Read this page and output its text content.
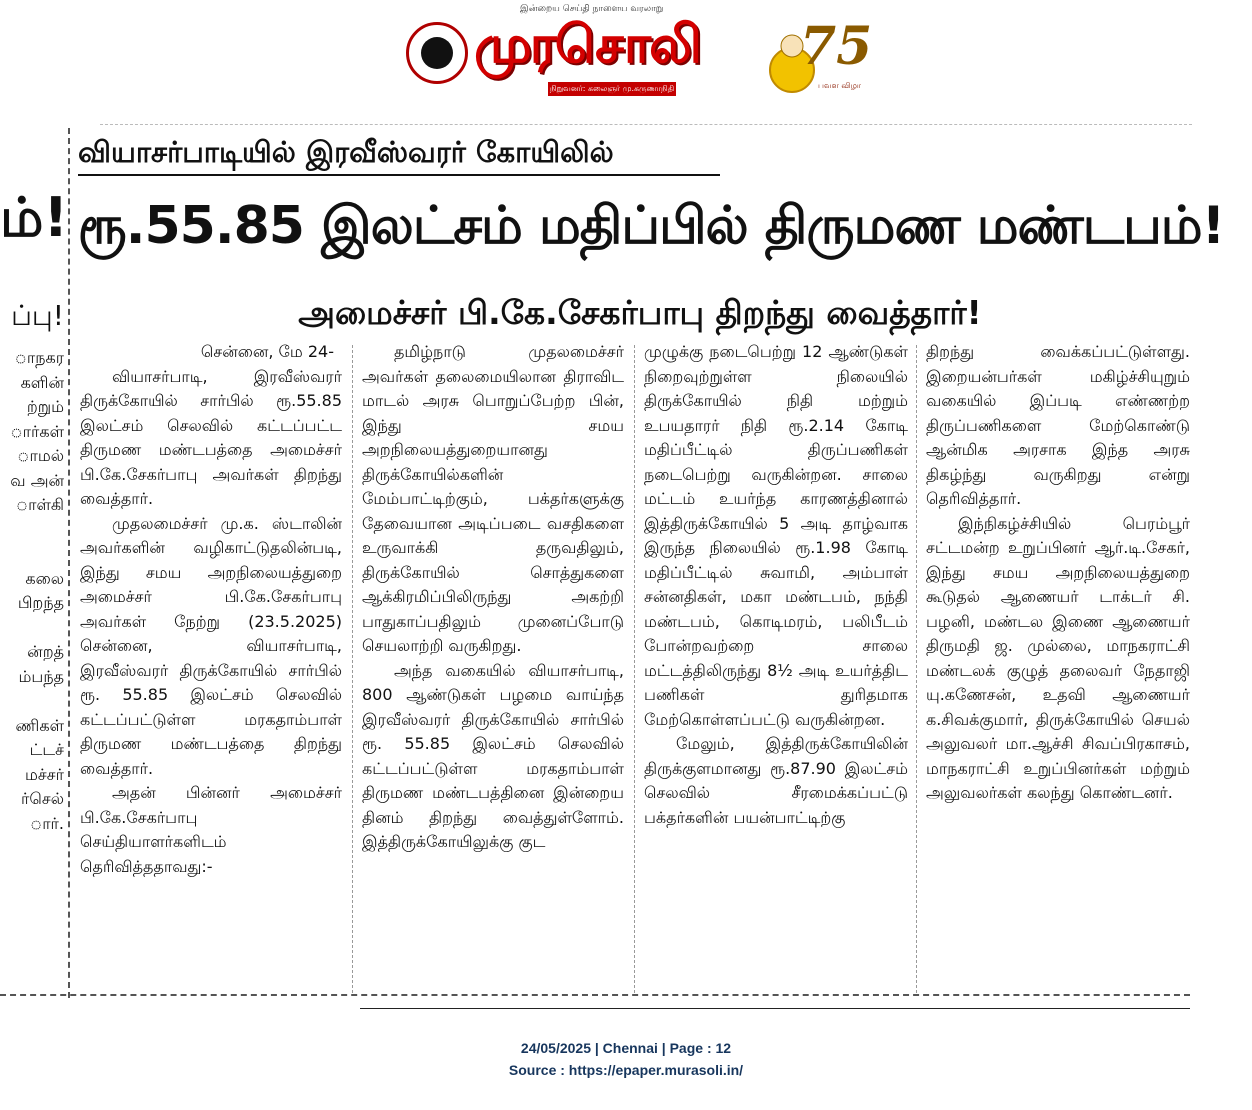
இன்றைய செய்தி நாளைய வரலாறு
முரசொலி
நிறுவனர்: கலைஞர் மு.கருணாநிதி
75
பவள விழா
ம்!
ப்பு!
ாநகர
களின்
ற்றும்
ார்கள்
ாமல்
வ அன்
ாள்கி
கலை
பிறந்த
ன்றத்
ம்பந்த
ணிகள்
ட்டச்
மச்சர்
ர்செல்
ார்.
வியாசர்பாடியில் இரவீஸ்வரர் கோயிலில்
ரூ.55.85 இலட்சம் மதிப்பில் திருமண மண்டபம்!
அமைச்சர் பி.கே.சேகர்பாபு திறந்து வைத்தார்!

சென்னை, மே 24-

வியாசர்பாடி, இரவீஸ்வரர் திருக்கோயில் சார்பில் ரூ.55.85 இலட்சம் செலவில் கட்டப்பட்ட திருமண மண்டபத்தை அமைச்சர் பி.கே.சேகர்பாபு அவர்கள் திறந்து வைத்தார்.

முதலமைச்சர் மு.க. ஸ்டாலின் அவர்களின் வழிகாட்டுதலின்படி, இந்து சமய அறநிலையத்துறை அமைச்சர் பி.கே.சேகர்பாபு அவர்கள் நேற்று (23.5.2025) சென்னை, வியாசர்பாடி, இரவீஸ்வரர் திருக்கோயில் சார்பில் ரூ. 55.85 இலட்சம் செலவில் கட்டப்பட்டுள்ள மரகதாம்பாள் திருமண மண்டபத்தை திறந்து வைத்தார்.

அதன் பின்னர் அமைச்சர் பி.கே.சேகர்பாபு செய்தியாளர்களிடம் தெரிவித்ததாவது:-

தமிழ்நாடு முதலமைச்சர் அவர்கள் தலைமையிலான திராவிட மாடல் அரசு பொறுப்பேற்ற பின், இந்து சமய அறநிலையத்துறையானது திருக்கோயில்களின் மேம்பாட்டிற்கும், பக்தர்களுக்கு தேவையான அடிப்படை வசதிகளை உருவாக்கி தருவதிலும், திருக்கோயில் சொத்துகளை ஆக்கிரமிப்பிலிருந்து அகற்றி பாதுகாப்பதிலும் முனைப்போடு செயலாற்றி வருகிறது.

அந்த வகையில் வியாசர்பாடி, 800 ஆண்டுகள் பழமை வாய்ந்த இரவீஸ்வரர் திருக்கோயில் சார்பில் ரூ. 55.85 இலட்சம் செலவில் கட்டப்பட்டுள்ள மரகதாம்பாள் திருமண மண்டபத்தினை இன்றைய தினம் திறந்து வைத்துள்ளோம். இத்திருக்கோயிலுக்கு குட

முழுக்கு நடைபெற்று 12 ஆண்டுகள் நிறைவுற்றுள்ள நிலையில் திருக்கோயில் நிதி மற்றும் உபயதாரர் நிதி ரூ.2.14 கோடி மதிப்பீட்டில் திருப்பணிகள் நடைபெற்று வருகின்றன. சாலை மட்டம் உயர்ந்த காரணத்தினால் இத்திருக்கோயில் 5 அடி தாழ்வாக இருந்த நிலையில் ரூ.1.98 கோடி மதிப்பீட்டில் சுவாமி, அம்பாள் சன்னதிகள், மகா மண்டபம், நந்தி மண்டபம், கொடிமரம், பலிபீடம் போன்றவற்றை சாலை மட்டத்திலிருந்து 8½ அடி உயர்த்திட பணிகள் துரிதமாக மேற்கொள்ளப்பட்டு வருகின்றன.

மேலும், இத்திருக்கோயிலின் திருக்குளமானது ரூ.87.90 இலட்சம் செலவில் சீரமைக்கப்பட்டு பக்தர்களின் பயன்பாட்டிற்கு

திறந்து வைக்கப்பட்டுள்ளது. இறையன்பர்கள் மகிழ்ச்சியுறும் வகையில் இப்படி எண்ணற்ற திருப்பணிகளை மேற்கொண்டு ஆன்மிக அரசாக இந்த அரசு திகழ்ந்து வருகிறது என்று தெரிவித்தார்.

இந்நிகழ்ச்சியில் பெரம்பூர் சட்டமன்ற உறுப்பினர் ஆர்.டி.சேகர், இந்து சமய அறநிலையத்துறை கூடுதல் ஆணையர் டாக்டர் சி. பழனி, மண்டல இணை ஆணையர் திருமதி ஜ. முல்லை, மாநகராட்சி மண்டலக் குழுத் தலைவர் நேதாஜி யு.கணேசன், உதவி ஆணையர் க.சிவக்குமார், திருக்கோயில் செயல் அலுவலர் மா.ஆச்சி சிவப்பிரகாசம், மாநகராட்சி உறுப்பினர்கள் மற்றும் அலுவலர்கள் கலந்து கொண்டனர்.

24/05/2025 | Chennai | Page : 12
Source : https://epaper.murasoli.in/
